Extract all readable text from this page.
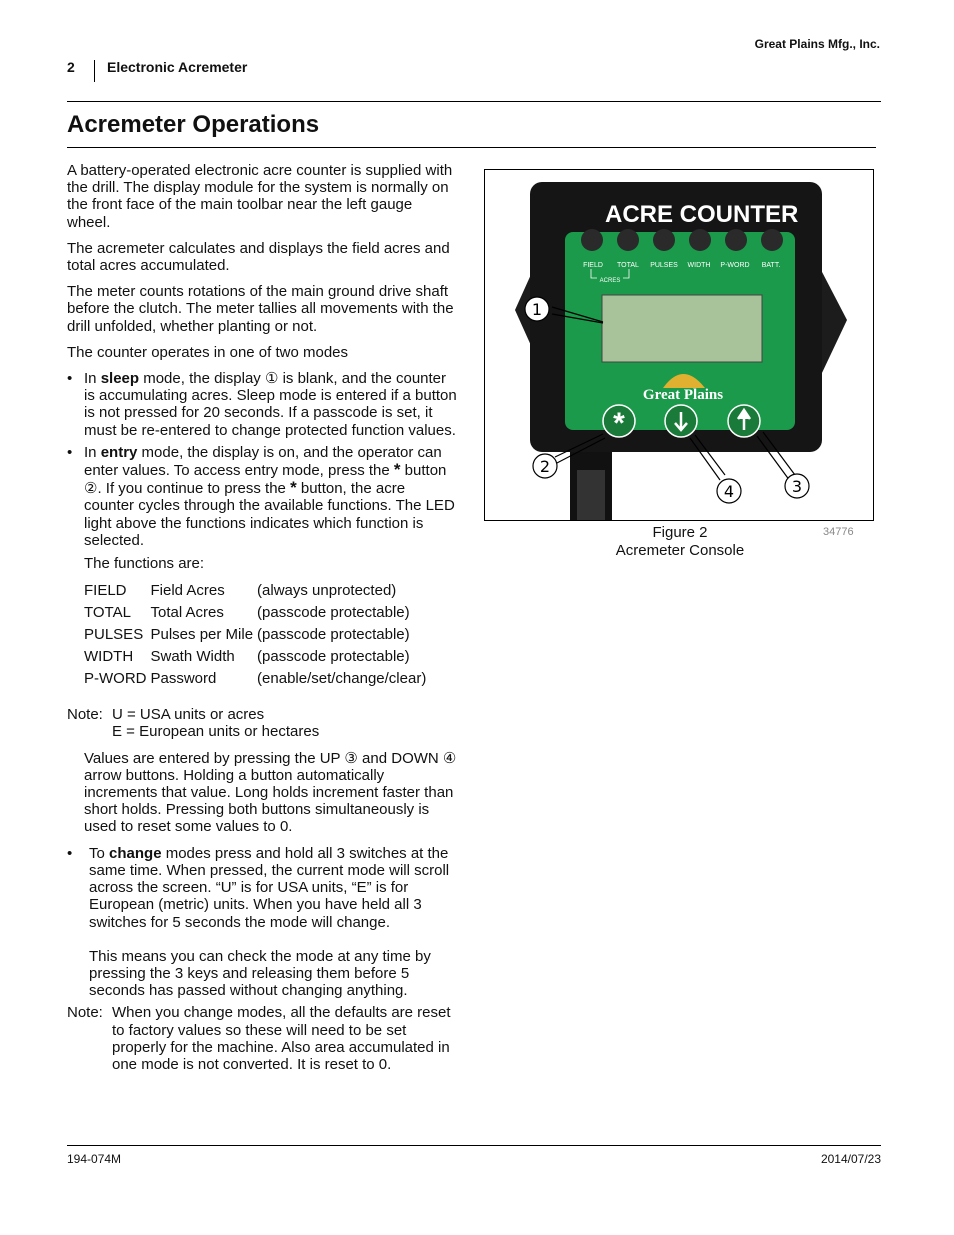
Great Plains Mfg., Inc.
2 Electronic Acremeter
Acremeter Operations

A battery-operated electronic acre counter is supplied with the drill. The display module for the system is normally on the front face of the main toolbar near the left gauge wheel.

The acremeter calculates and displays the field acres and total acres accumulated.

The meter counts rotations of the main ground drive shaft before the clutch. The meter tallies all movements with the drill unfolded, whether planting or not.

The counter operates in one of two modes

• In sleep mode, the display ① is blank, and the counter is accumulating acres. Sleep mode is entered if a button is not pressed for 20 seconds. If a passcode is set, it must be re-entered to change protected function values.
• In entry mode, the display is on, and the operator can enter values. To access entry mode, press the * button ②. If you continue to press the * button, the acre counter cycles through the available functions. The LED light above the functions indicates which function is selected.
The functions are:
FIELD	Field Acres	(always unprotected)
TOTAL	Total Acres	(passcode protectable)
PULSES	Pulses per Mile	(passcode protectable)
WIDTH	Swath Width	(passcode protectable)
P-WORD	Password	(enable/set/change/clear)
Note: U = USA units or acres
E = European units or hectares

Values are entered by pressing the UP ③ and DOWN ④ arrow buttons. Holding a button automatically increments that value. Long holds increment faster than short holds. Pressing both buttons simultaneously is used to reset some values to 0.

• To change modes press and hold all 3 switches at the same time. When pressed, the current mode will scroll across the screen. “U” is for USA units, “E” is for European (metric) units. When you have held all 3 switches for 5 seconds the mode will change.
This means you can check the mode at any time by pressing the 3 keys and releasing them before 5 seconds has passed without changing anything.
Note: When you change modes, all the defaults are reset to factory values so these will need to be set properly for the machine. Also area accumulated in one mode is not converted. It is reset to 0.
ACRE COUNTER
FIELD TOTAL PULSES WIDTH P-WORD BATT.
ACRES
Great Plains
*
1
2
3
4
Figure 2
Acremeter Console
34776
194-074M	2014/07/23
